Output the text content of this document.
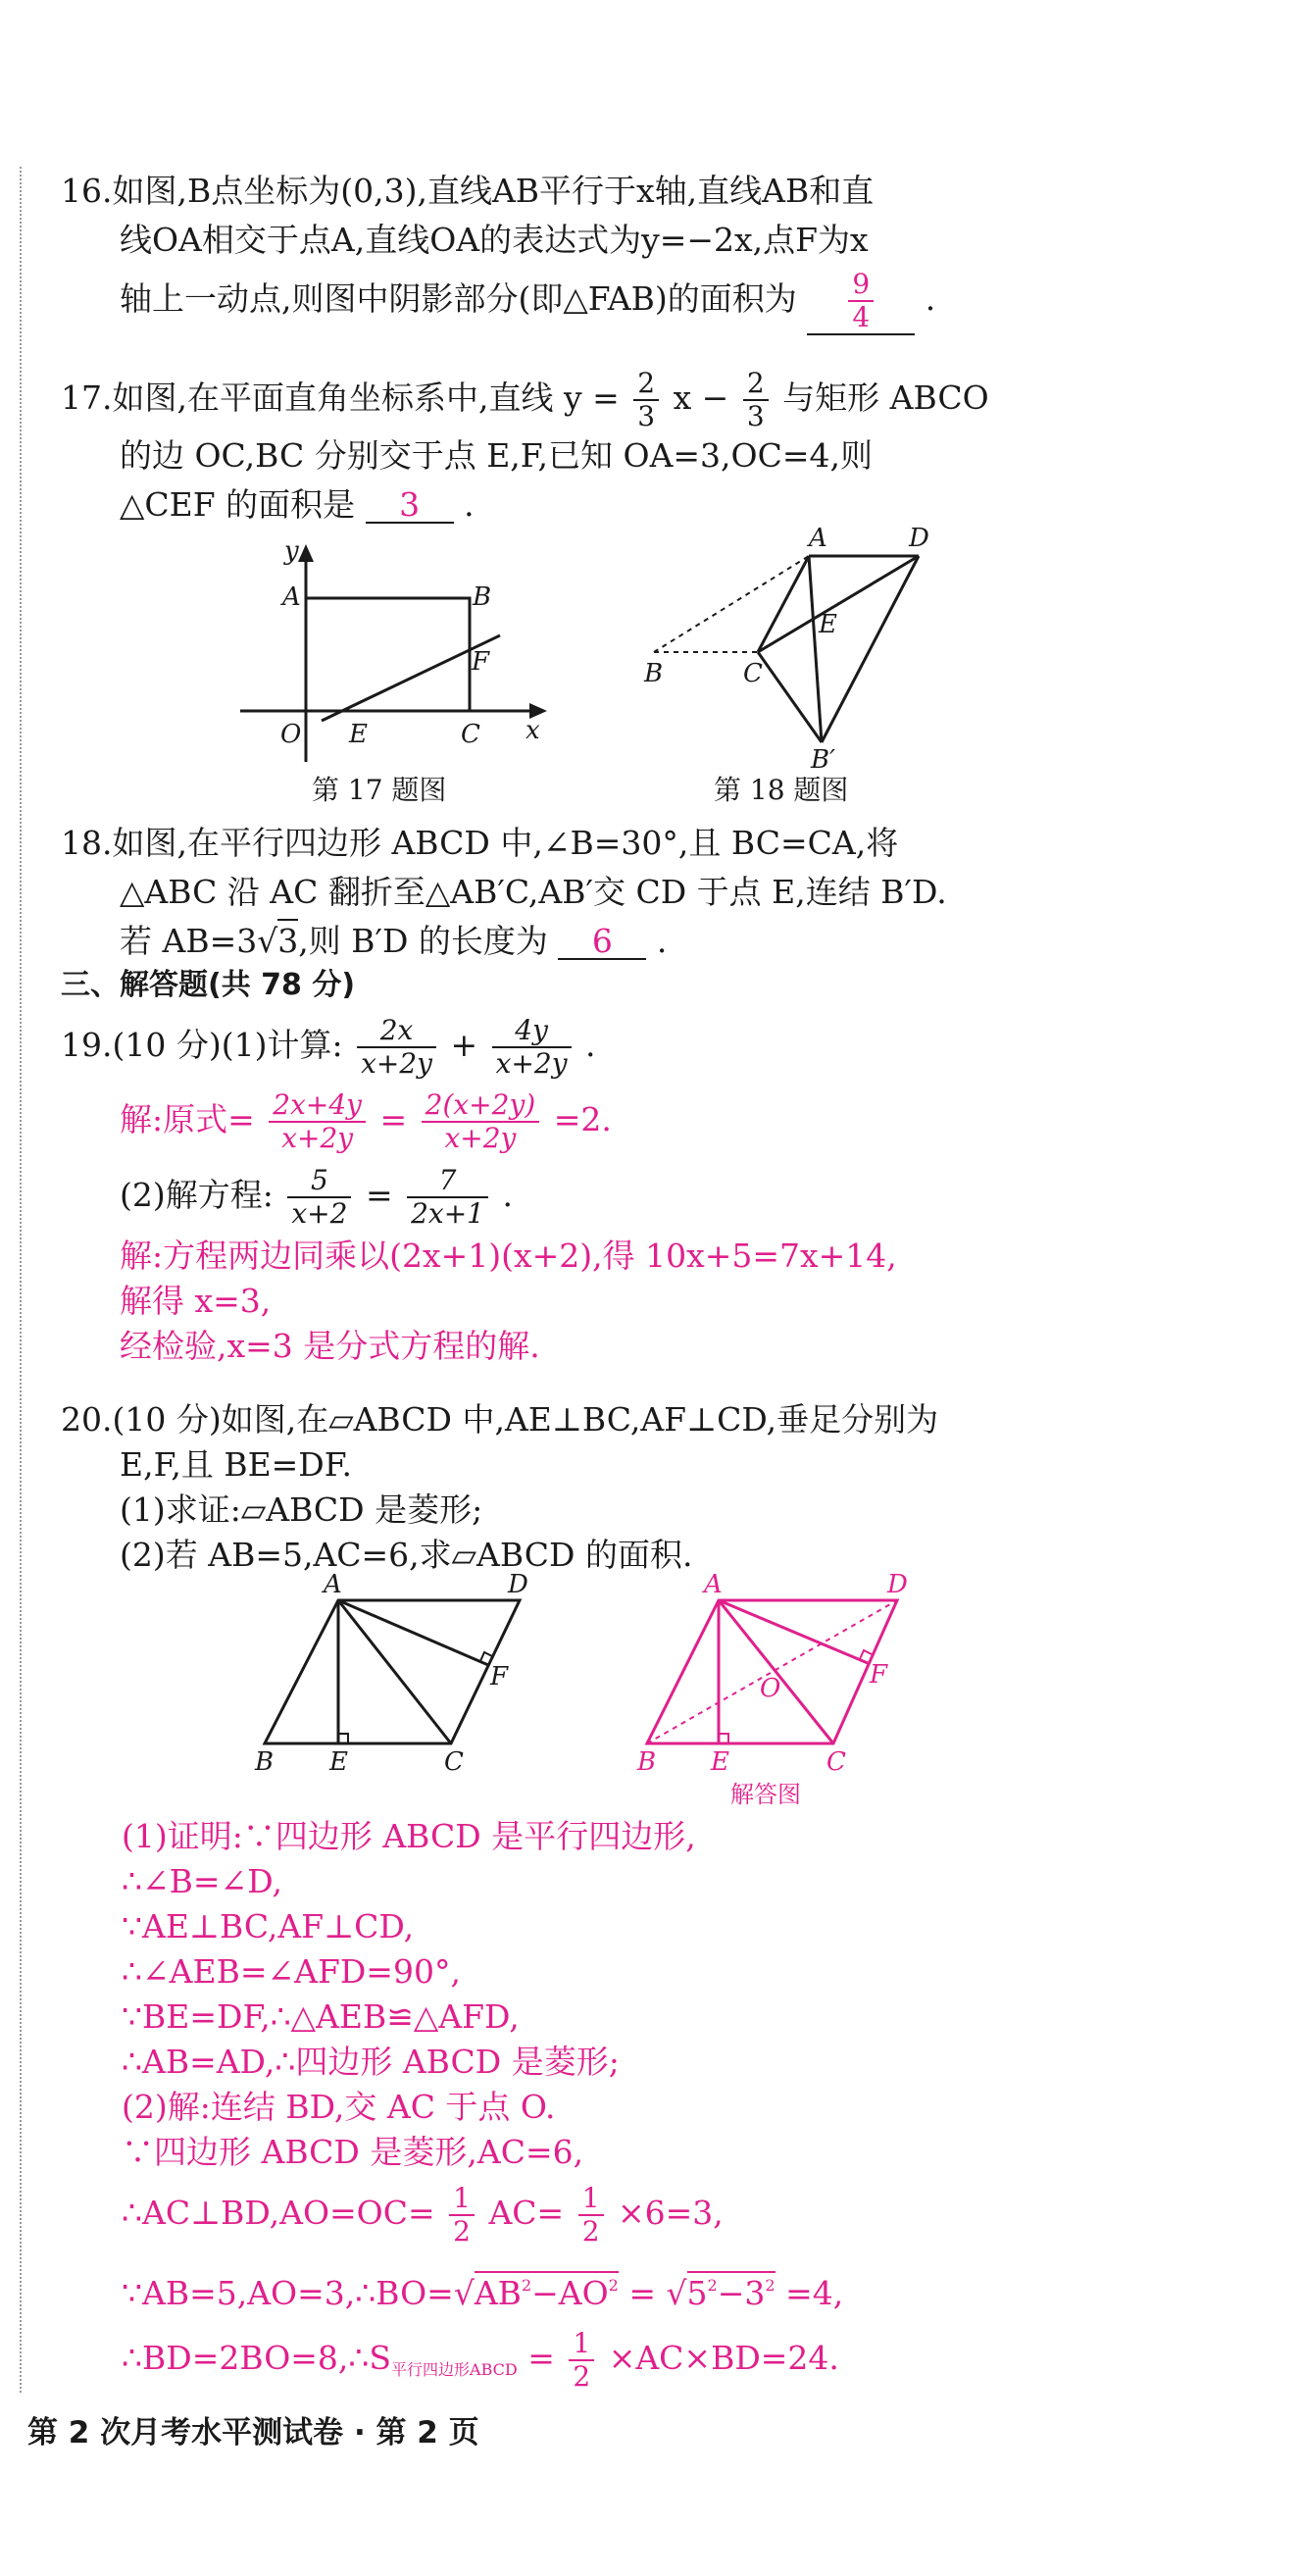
16.如图,B点坐标为(0,3),直线AB平行于x轴,直线AB和直
线OA相交于点A,直线OA的表达式为y=−2x,点F为x
轴上一动点,则图中阴影部分(即△FAB)的面积为 $\frac{9}{4}$ .
17.如图,在平面直角坐标系中,直线 $y = \frac{2}{3}$ $x - \frac{2}{3}$ 与矩形 ABCO
的边 OC,BC 分别交于点 E,F,已知 OA=3,OC=4,则
△CEF 的面积是 3 .
y
A	B
F
O E	C x
第 17 题图
A	D
E
B	C
B′
第 18 题图
18.如图,在平行四边形 ABCD 中,∠B=30°,且 BC=CA,将
△ABC 沿 AC 翻折至△AB′C,AB′交 CD 于点 E,连结 B′D.
若 AB=3√3,则 B′D 的长度为 6 .
三、解答题(共 78 分)
19.(10 分)(1)计算: $\frac{2x}{x+2y} + \frac{4y}{x+2y}$ .
解:原式= $\frac{2x+4y}{x+2y} = \frac{2(x+2y)}{x+2y} =2$.
(2)解方程: $\frac{5}{x+2} = \frac{7}{2x+1}$ .
解:方程两边同乘以(2x+1)(x+2),得 10x+5=7x+14,
解得 x=3,
经检验,x=3 是分式方程的解.
20.(10 分)如图,在▱ABCD 中,AE⊥BC,AF⊥CD,垂足分别为
E,F,且 BE=DF.
(1)求证:▱ABCD 是菱形;
(2)若 AB=5,AC=6,求▱ABCD 的面积.
A	D
F
B E	C
A	D
F
O
B E	C
解答图
(1)证明:∵四边形 ABCD 是平行四边形,
∴∠B=∠D,
∵AE⊥BC,AF⊥CD,
∴∠AEB=∠AFD=90°,
∵BE=DF,∴△AEB≌△AFD,
∴AB=AD,∴四边形 ABCD 是菱形;
(2)解:连结 BD,交 AC 于点 O.
∵四边形 ABCD 是菱形,AC=6,
∴AC⊥BD,AO=OC= $\frac{1}{2} AC= \frac{1}{2} \times 6=3$,
$\because AB=5,AO=3,\therefore BO=√AB^2-AO^2 = √5^2-3^2 =4$,
$\therefore BD=2BO=8,\therefore S_{平行四边形ABCD} = \frac{1}{2} \times AC\times BD=24$.
第 2 次月考水平测试卷 · 第 2 页
